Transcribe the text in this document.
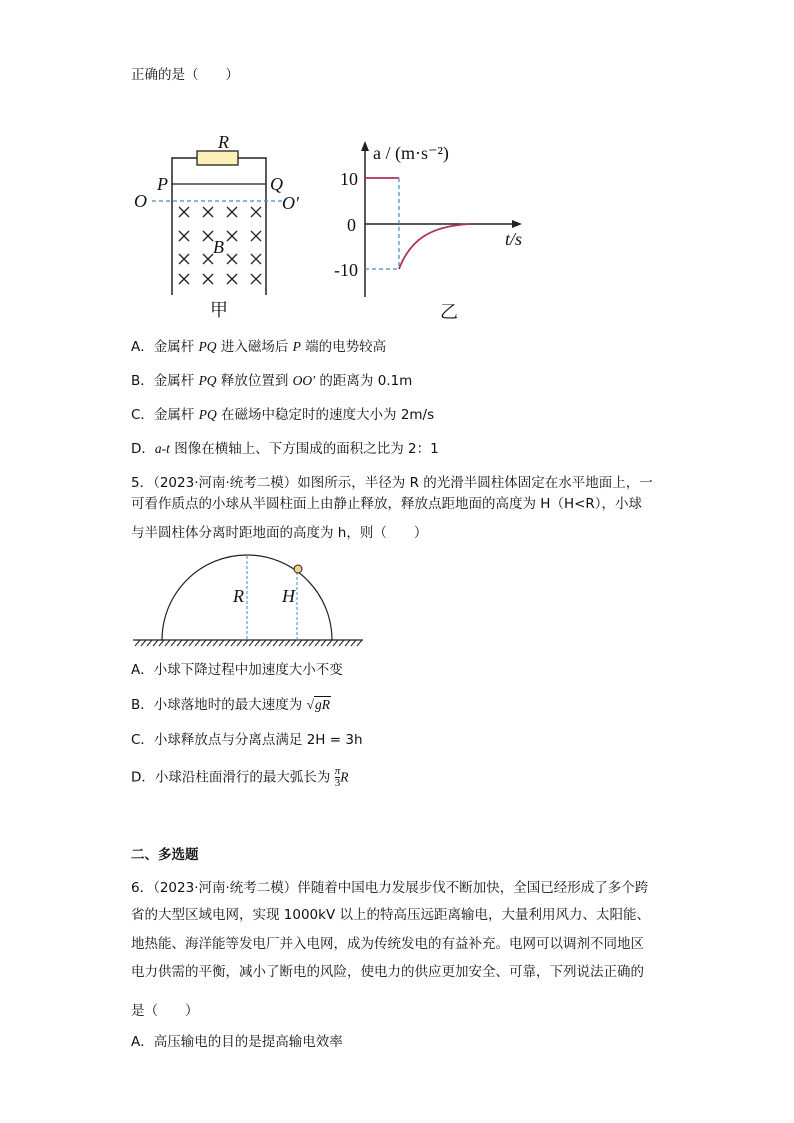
正确的是（　　）
R
P	Q
O	O′
B
甲
a / (m·s⁻²)
t/s
10
0
-10
乙
R H
A．金属杆 PQ 进入磁场后 P 端的电势较高
B．金属杆 PQ 释放位置到 OO′ 的距离为 0.1m
C．金属杆 PQ 在磁场中稳定时的速度大小为 2m/s
D．a-t 图像在横轴上、下方围成的面积之比为 2：1
5．（2023·河南·统考二模）如图所示，半径为 R 的光滑半圆柱体固定在水平地面上，一
可看作质点的小球从半圆柱面上由静止释放，释放点距地面的高度为 H（H<R），小球
与半圆柱体分离时距地面的高度为 h，则（　　）
A．小球下降过程中加速度大小不变
B．小球落地时的最大速度为 √gR
C．小球释放点与分离点满足 2H = 3h
D．小球沿柱面滑行的最大弧长为 $\frac{\pi}{3}$ R
二、多选题
6．（2023·河南·统考二模）伴随着中国电力发展步伐不断加快，全国已经形成了多个跨
省的大型区域电网，实现 1000kV 以上的特高压远距离输电，大量利用风力、太阳能、
地热能、海洋能等发电厂并入电网，成为传统发电的有益补充。电网可以调剂不同地区
电力供需的平衡，减小了断电的风险，使电力的供应更加安全、可靠，下列说法正确的
是（　　）
A．高压输电的目的是提高输电效率
